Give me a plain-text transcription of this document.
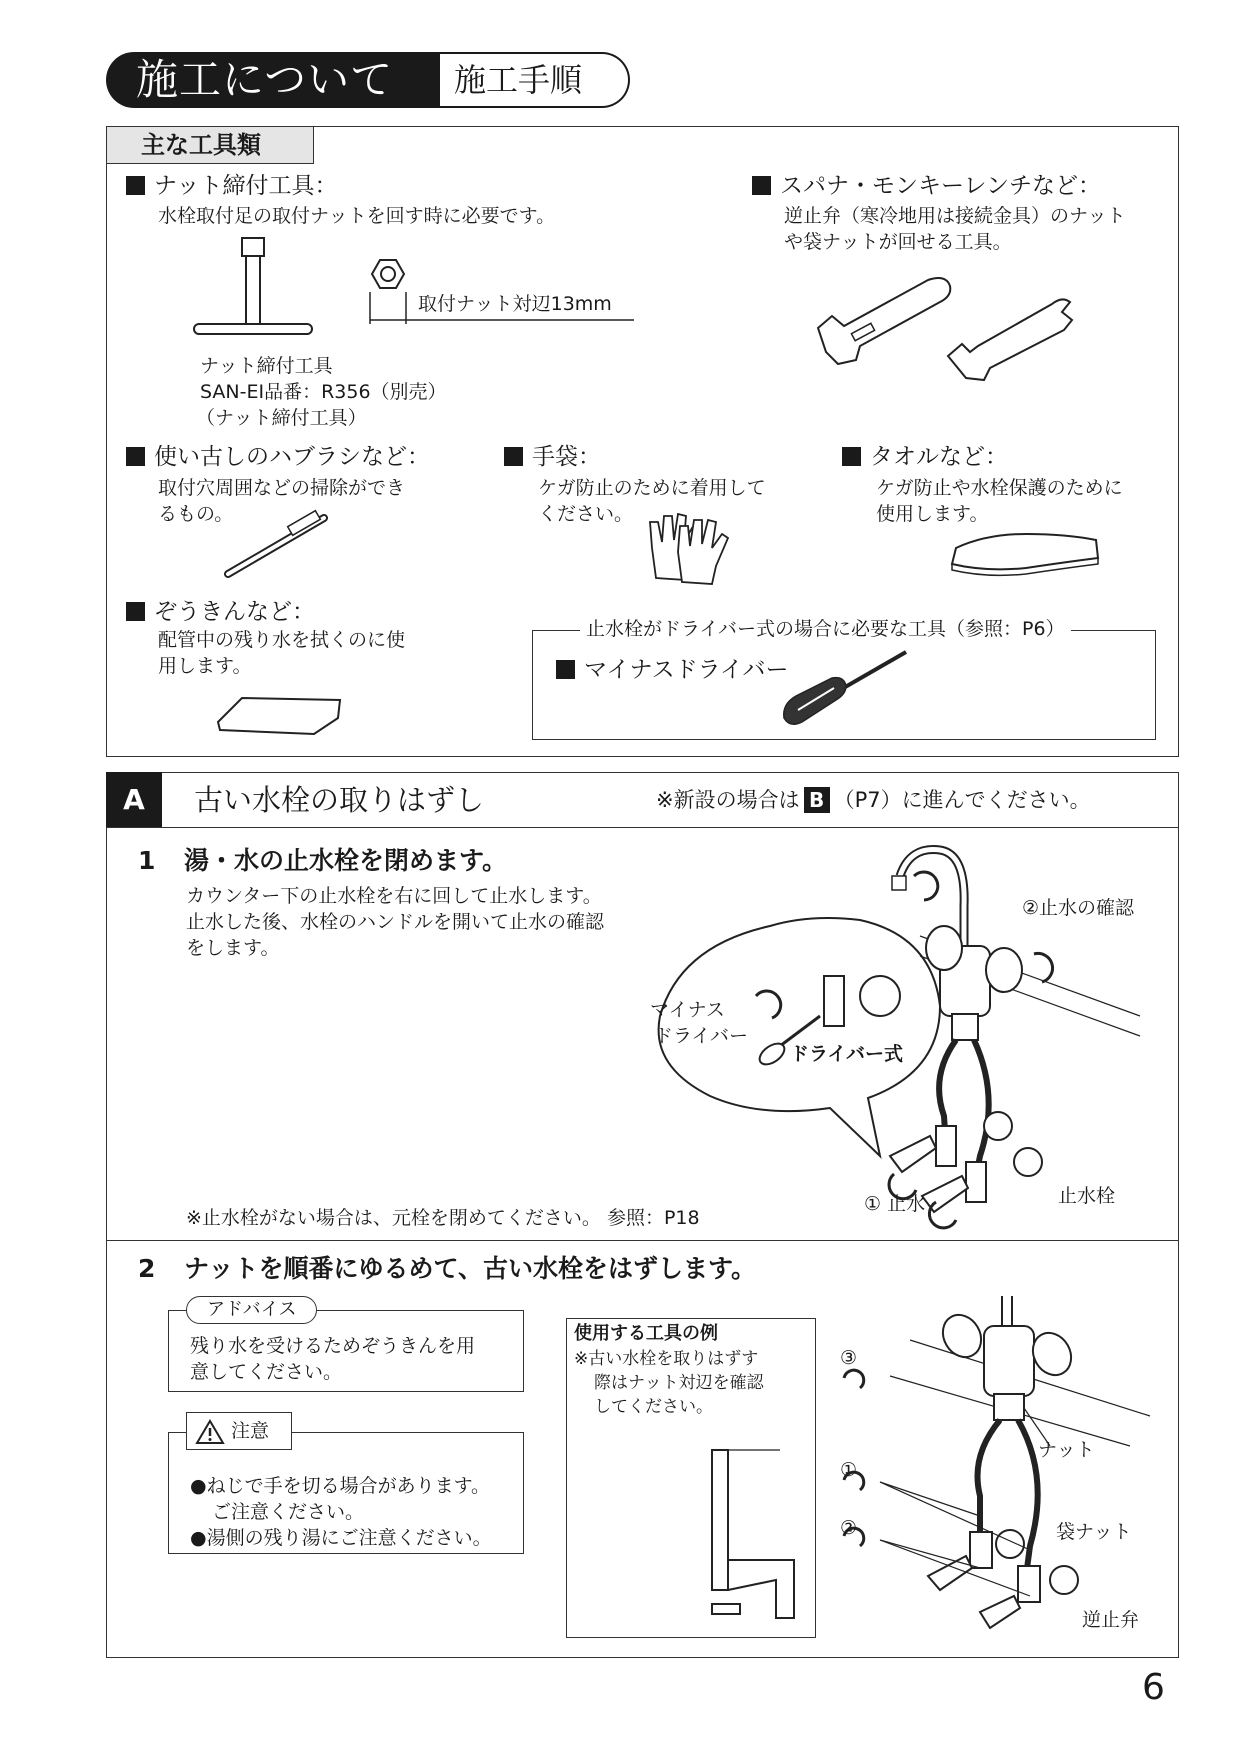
施工について	施工手順
主な工具類
ナット締付工具：
水栓取付足の取付ナットを回す時に必要です。
取付ナット対辺13mm
ナット締付工具
SAN-EI品番：R356（別売）
（ナット締付工具）
スパナ・モンキーレンチなど：
逆止弁（寒冷地用は接続金具）のナット
や袋ナットが回せる工具。
使い古しのハブラシなど：
取付穴周囲などの掃除ができ
るもの。
手袋：
ケガ防止のために着用して
ください。
タオルなど：
ケガ防止や水栓保護のために
使用します。
ぞうきんなど：
配管中の残り水を拭くのに使
用します。
止水栓がドライバー式の場合に必要な工具（参照：P6）
マイナスドライバー
A	古い水栓の取りはずし	※新設の場合は B （P7）に進んでください。
1 湯・水の止水栓を閉めます。
カウンター下の止水栓を右に回して止水します。
止水した後、水栓のハンドルを開いて止水の確認
をします。
※止水栓がない場合は、元栓を閉めてください。 参照：P18
②止水の確認
マイナス
ドライバー
ドライバー式
① 止水	止水栓
2 ナットを順番にゆるめて、古い水栓をはずします。
アドバイス
残り水を受けるためぞうきんを用
意してください。
注意
●ねじで手を切る場合があります。
ご注意ください。
●湯側の残り湯にご注意ください。
使用する工具の例
※古い水栓を取りはずす
際はナット対辺を確認
してください。
③
①
②
ナット
袋ナット
逆止弁
6
